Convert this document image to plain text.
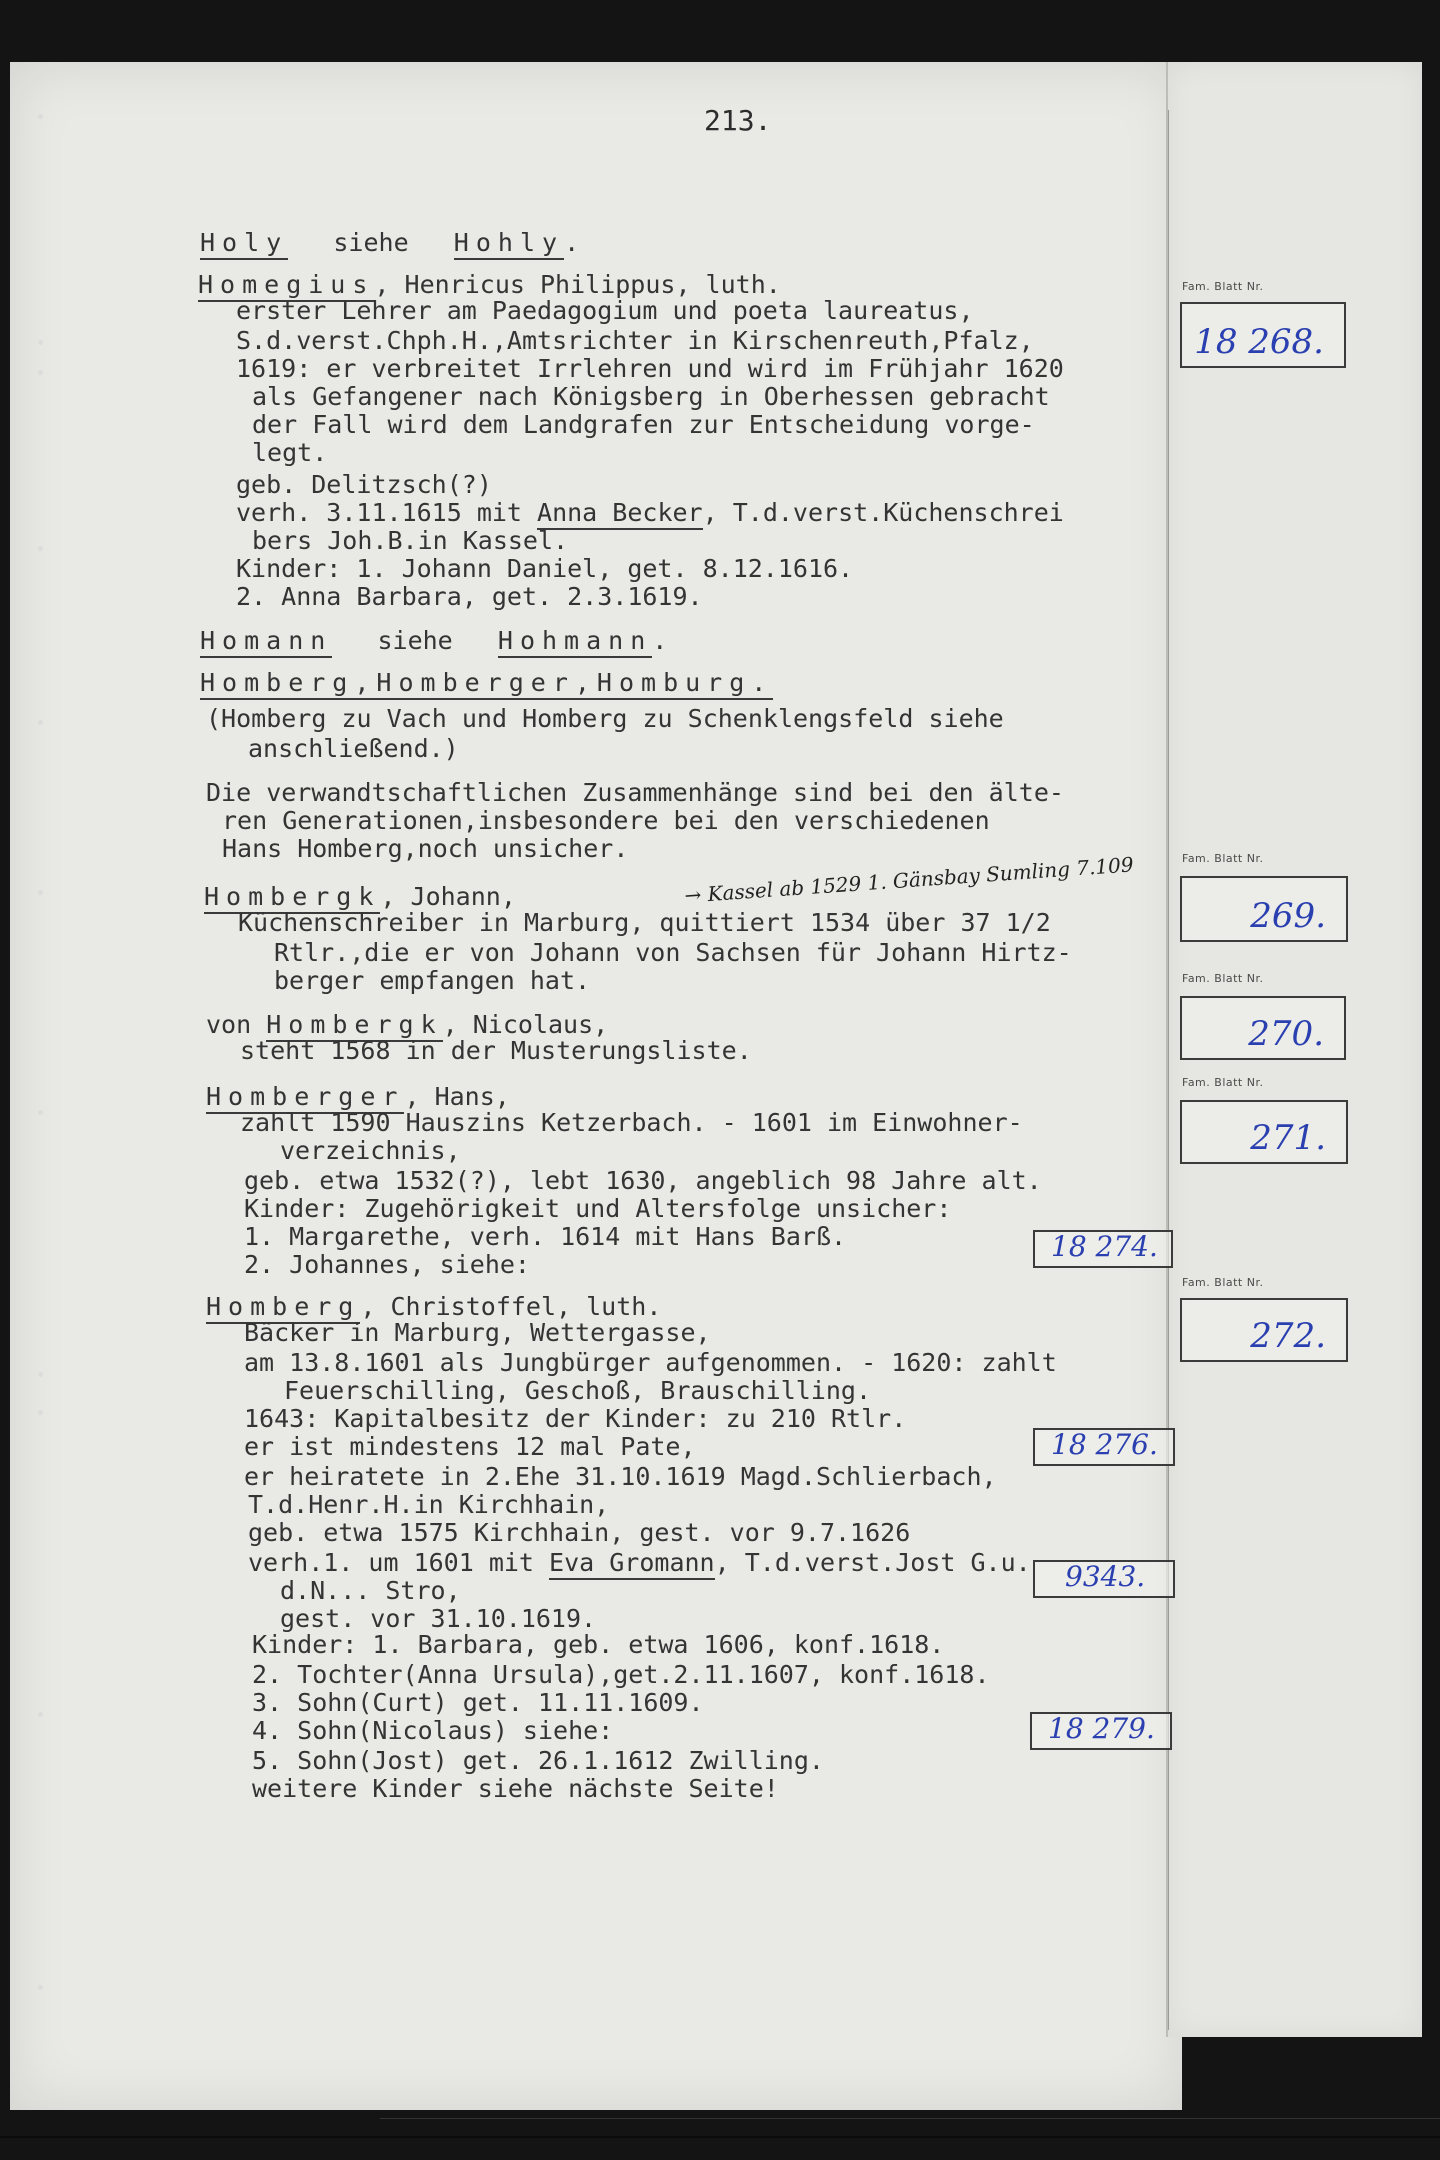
213.
Holy   siehe   Hohly.
Homegius, Henricus Philippus, luth.
erster Lehrer am Paedagogium und poeta laureatus,
S.d.verst.Chph.H.,Amtsrichter in Kirschenreuth,Pfalz,
1619: er verbreitet Irrlehren und wird im Frühjahr 1620
als Gefangener nach Königsberg in Oberhessen gebracht
der Fall wird dem Landgrafen zur Entscheidung vorge-
legt.
geb. Delitzsch(?)
verh. 3.11.1615 mit Anna Becker, T.d.verst.Küchenschrei
bers Joh.B.in Kassel.
Kinder: 1. Johann Daniel, get. 8.12.1616.
2. Anna Barbara, get. 2.3.1619.
Homann   siehe   Hohmann.
Homberg,Homberger,Homburg.
(Homberg zu Vach und Homberg zu Schenklengsfeld siehe
anschließend.)
Die verwandtschaftlichen Zusammenhänge sind bei den älte-
ren Generationen,insbesondere bei den verschiedenen
Hans Homberg,noch unsicher.
Hombergk, Johann,
Küchenschreiber in Marburg, quittiert 1534 über 37 1/2
Rtlr.,die er von Johann von Sachsen für Johann Hirtz-
berger empfangen hat.
von Hombergk, Nicolaus,
steht 1568 in der Musterungsliste.
Homberger, Hans,
zahlt 1590 Hauszins Ketzerbach. - 1601 im Einwohner-
verzeichnis,
geb. etwa 1532(?), lebt 1630, angeblich 98 Jahre alt.
Kinder: Zugehörigkeit und Altersfolge unsicher:
1. Margarethe, verh. 1614 mit Hans Barß.
2. Johannes, siehe:
Homberg, Christoffel, luth.
Bäcker in Marburg, Wettergasse,
am 13.8.1601 als Jungbürger aufgenommen. - 1620: zahlt
Feuerschilling, Geschoß, Brauschilling.
1643: Kapitalbesitz der Kinder: zu 210 Rtlr.
er ist mindestens 12 mal Pate,
er heiratete in 2.Ehe 31.10.1619 Magd.Schlierbach,
T.d.Henr.H.in Kirchhain,
geb. etwa 1575 Kirchhain, gest. vor 9.7.1626
verh.1. um 1601 mit Eva Gromann, T.d.verst.Jost G.u.
d.N... Stro,
gest. vor 31.10.1619.
Kinder: 1. Barbara, geb. etwa 1606, konf.1618.
2. Tochter(Anna Ursula),get.2.11.1607, konf.1618.
3. Sohn(Curt) get. 11.11.1609.
4. Sohn(Nicolaus) siehe:
5. Sohn(Jost) get. 26.1.1612 Zwilling.
weitere Kinder siehe nächste Seite!
Fam. Blatt Nr.
Fam. Blatt Nr.
Fam. Blatt Nr.
Fam. Blatt Nr.
Fam. Blatt Nr.
18 268.
269.
270.
271.
272.
18 274.
18 276.
9343.
18 279.
→ Kassel ab 1529 1. Gänsbay Sumling 7.109
